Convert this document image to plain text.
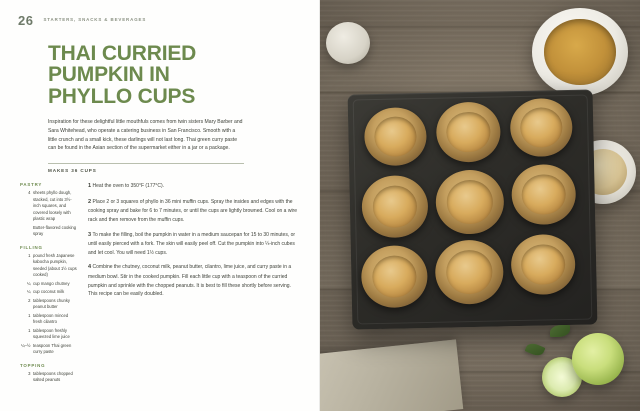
26 STARTERS, SNACKS & BEVERAGES
THAI CURRIED PUMPKIN IN PHYLLO CUPS
Inspiration for these delightful little mouthfuls comes from twin sisters Mary Barber and Sara Whitehead, who operate a catering business in San Francisco. Smooth with a little crunch and a small kick, these darlings will not last long. Thai green curry paste can be found in the Asian section of the supermarket either in a jar or a package.
MAKES 36 CUPS
PASTRY
4 sheets phyllo dough, stacked, cut into 3½-inch squares, and covered loosely with plastic wrap
Butter-flavored cooking spray
FILLING
1 pound fresh Japanese kabocha pumpkin, seeded (about 1½ cups cooked)
¼ cup mango chutney
¼ cup coconut milk
2 tablespoons chunky peanut butter
1 tablespoon minced fresh cilantro
1 tablespoon freshly squeezed lime juice
¼–½ teaspoon Thai green curry paste
TOPPING
3 tablespoons chopped salted peanuts
1 Heat the oven to 350°F (177°C).
2 Place 2 or 3 squares of phyllo in 36 mini muffin cups. Spray the insides and edges with the cooking spray and bake for 6 to 7 minutes, or until the cups are lightly browned. Cool on a wire rack and then remove from the muffin cups.
3 To make the filling, boil the pumpkin in water in a medium saucepan for 15 to 30 minutes, or until easily pierced with a fork. The skin will easily peel off. Cut the pumpkin into ¼-inch cubes and let cool. You will need 1½ cups.
4 Combine the chutney, coconut milk, peanut butter, cilantro, lime juice, and curry paste in a medium bowl. Stir in the cooked pumpkin. Fill each little cup with a teaspoon of the curried pumpkin and sprinkle with the chopped peanuts. It is best to fill these shortly before serving. This recipe can be easily doubled.
